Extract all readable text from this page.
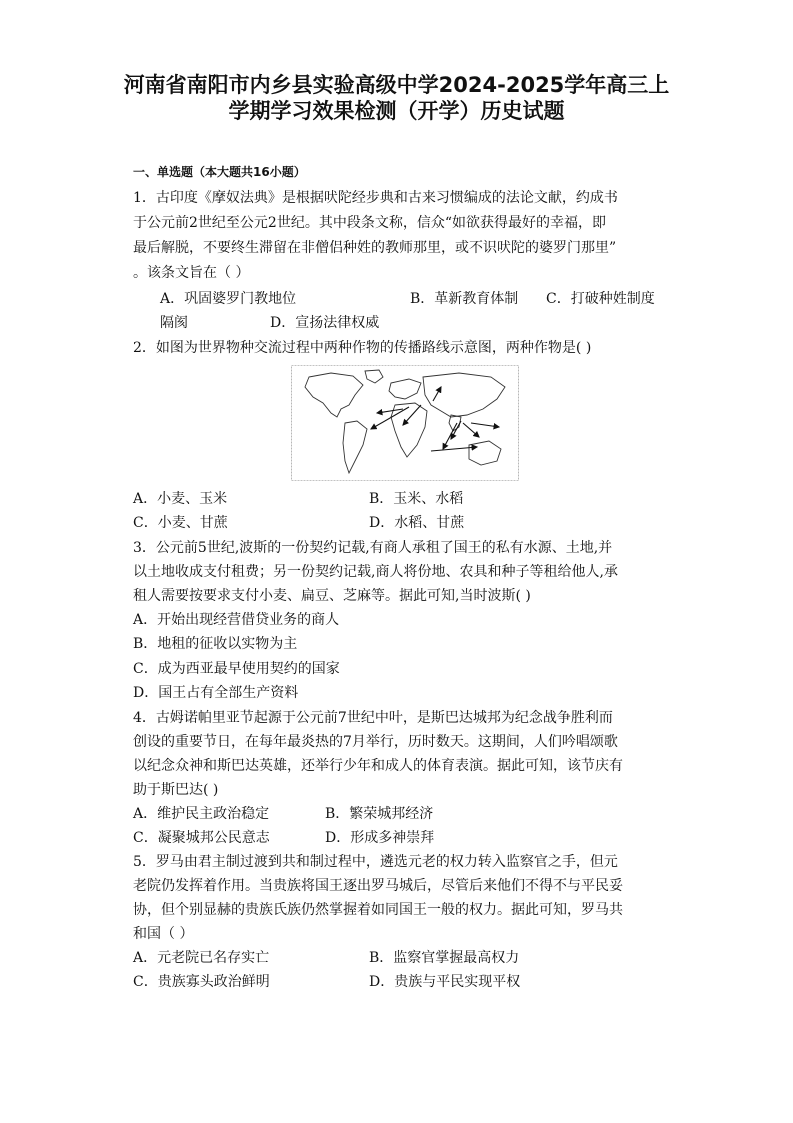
河南省南阳市内乡县实验高级中学2024-2025学年高三上
学期学习效果检测（开学）历史试题
一、单选题（本大题共16小题）
1．古印度《摩奴法典》是根据吠陀经步典和古来习惯编成的法论文献，约成书
于公元前2世纪至公元2世纪。其中段条文称，信众“如欲获得最好的幸福，即
最后解脱，不要终生滞留在非僧侣种姓的教师那里，或不识吠陀的婆罗门那里”
。该条文旨在（ ）
A．巩固婆罗门教地位	B．革新教育体制 C．打破种姓制度
隔阂	D．宣扬法律权威
2．如图为世界物种交流过程中两种作物的传播路线示意图，两种作物是( )
A．小麦、玉米	B．玉米、水稻
C．小麦、甘蔗	D．水稻、甘蔗
3．公元前5世纪,波斯的一份契约记载,有商人承租了国王的私有水源、土地,并
以土地收成支付租费；另一份契约记载,商人将份地、农具和种子等租给他人,承
租人需要按要求支付小麦、扁豆、芝麻等。据此可知,当时波斯( )
A．开始出现经营借贷业务的商人
B．地租的征收以实物为主
C．成为西亚最早使用契约的国家
D．国王占有全部生产资料
4．古姆诺帕里亚节起源于公元前7世纪中叶，是斯巴达城邦为纪念战争胜利而
创设的重要节日，在每年最炎热的7月举行，历时数天。这期间，人们吟唱颂歌
以纪念众神和斯巴达英雄，还举行少年和成人的体育表演。据此可知，该节庆有
助于斯巴达( )
A．维护民主政治稳定	B．繁荣城邦经济
C．凝聚城邦公民意志	D．形成多神崇拜
5．罗马由君主制过渡到共和制过程中，遴选元老的权力转入监察官之手，但元
老院仍发挥着作用。当贵族将国王逐出罗马城后，尽管后来他们不得不与平民妥
协，但个别显赫的贵族氏族仍然掌握着如同国王一般的权力。据此可知，罗马共
和国（ ）
A．元老院已名存实亡	B．监察官掌握最高权力
C．贵族寡头政治鲜明	D．贵族与平民实现平权
